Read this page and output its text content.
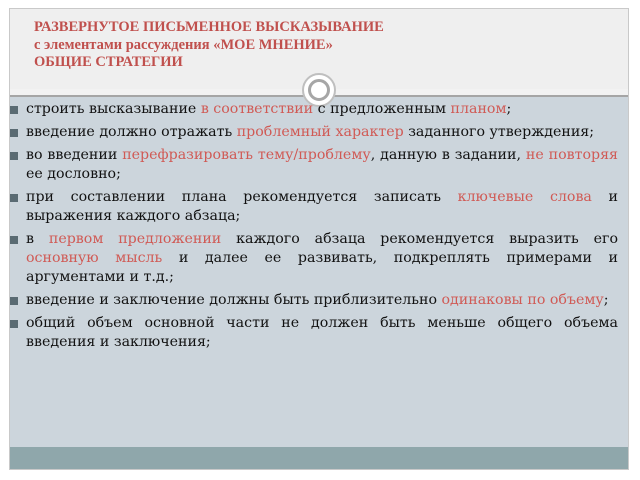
РАЗВЕРНУТОЕ ПИСЬМЕННОЕ ВЫСКАЗЫВАНИЕ
с элементами рассуждения «МОЕ МНЕНИЕ»
ОБЩИЕ СТРАТЕГИИ
строить высказывание в соответствии с предложенным планом;
введение должно отражать проблемный характер заданного утверждения;
во введении перефразировать тему/проблему, данную в задании, не повторяя ее дословно;
при составлении плана рекомендуется записать ключевые слова и выражения каждого абзаца;
в первом предложении каждого абзаца рекомендуется выразить его основную мысль и далее ее развивать, подкреплять примерами и аргументами и т.д.;
введение и заключение должны быть приблизительно одинаковы по объему;
общий объем основной части не должен быть меньше общего объема введения и заключения;
